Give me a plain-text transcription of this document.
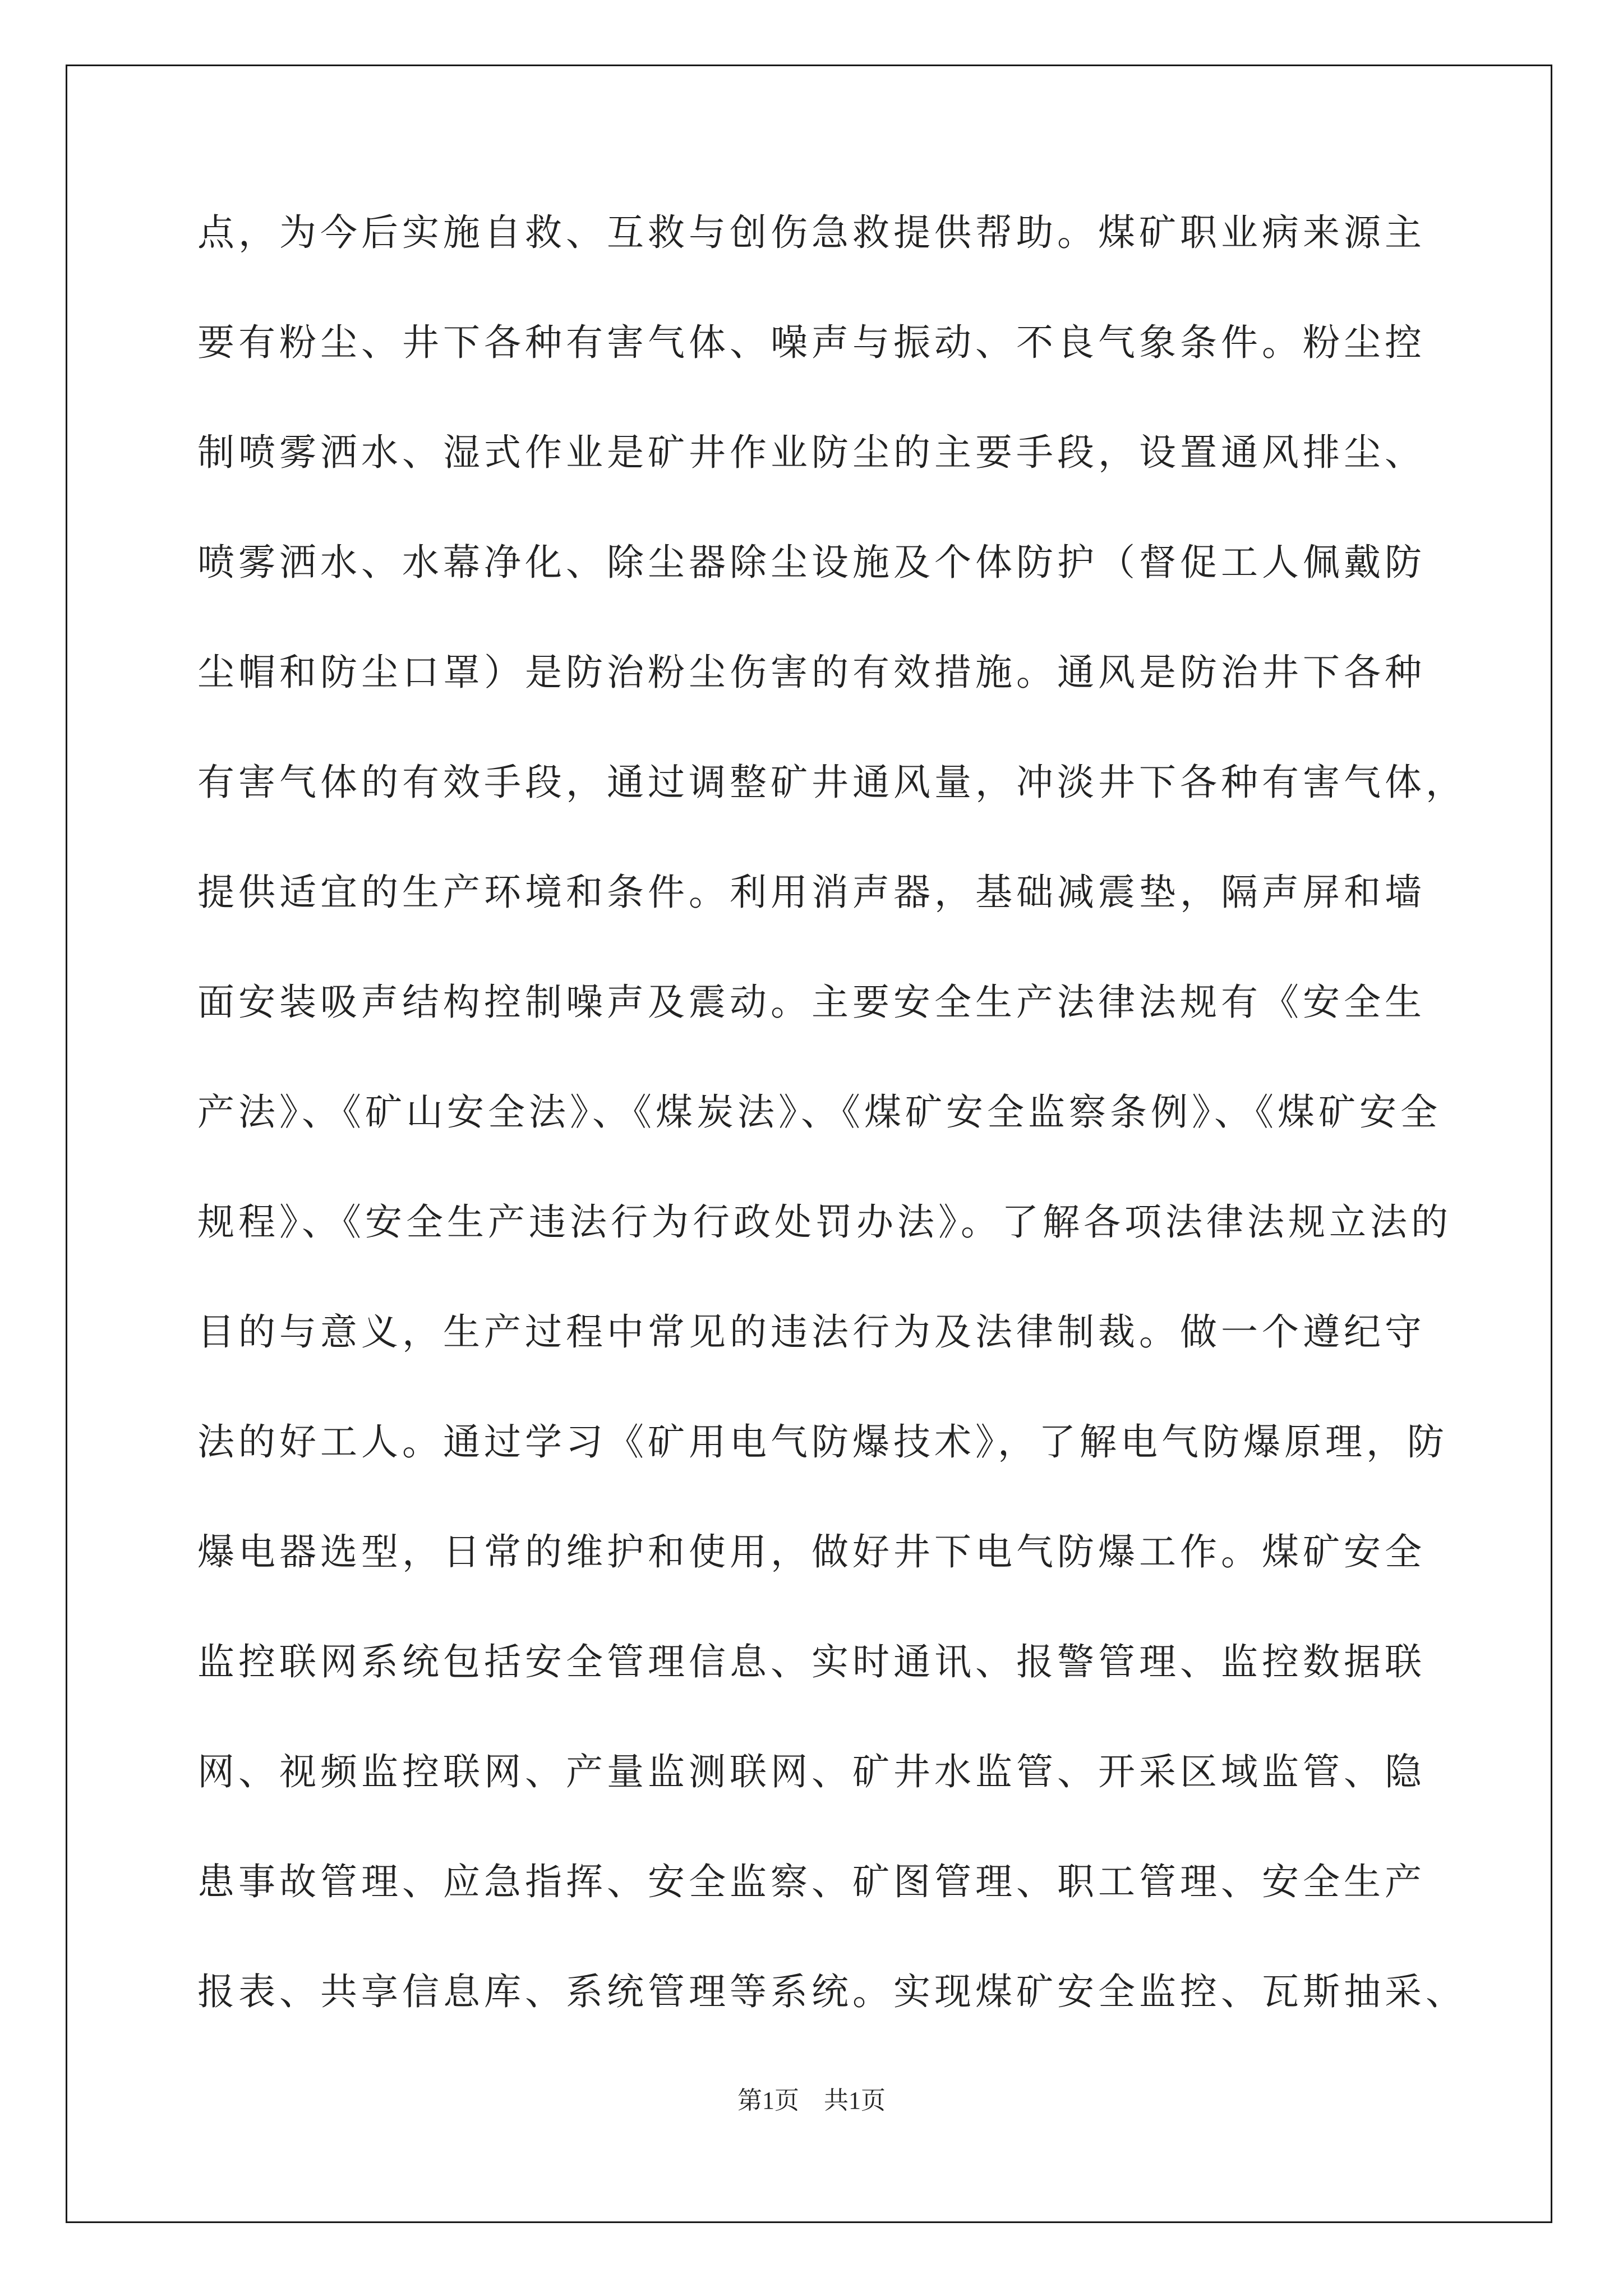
点，为今后实施自救、互救与创伤急救提供帮助。煤矿职业病来源主
要有粉尘、井下各种有害气体、噪声与振动、不良气象条件。粉尘控
制喷雾洒水、湿式作业是矿井作业防尘的主要手段，设置通风排尘、
喷雾洒水、水幕净化、除尘器除尘设施及个体防护（督促工人佩戴防
尘帽和防尘口罩）是防治粉尘伤害的有效措施。通风是防治井下各种
有害气体的有效手段，通过调整矿井通风量，冲淡井下各种有害气体，
提供适宜的生产环境和条件。利用消声器，基础减震垫，隔声屏和墙
面安装吸声结构控制噪声及震动。主要安全生产法律法规有《安全生
产法》、《矿山安全法》、《煤炭法》、《煤矿安全监察条例》、《煤矿安全
规程》、《安全生产违法行为行政处罚办法》。了解各项法律法规立法的
目的与意义，生产过程中常见的违法行为及法律制裁。做一个遵纪守
法的好工人。通过学习《矿用电气防爆技术》，了解电气防爆原理，防
爆电器选型，日常的维护和使用，做好井下电气防爆工作。煤矿安全
监控联网系统包括安全管理信息、实时通讯、报警管理、监控数据联
网、视频监控联网、产量监测联网、矿井水监管、开采区域监管、隐
患事故管理、应急指挥、安全监察、矿图管理、职工管理、安全生产
报表、共享信息库、系统管理等系统。实现煤矿安全监控、瓦斯抽采、
第1页　共1页
